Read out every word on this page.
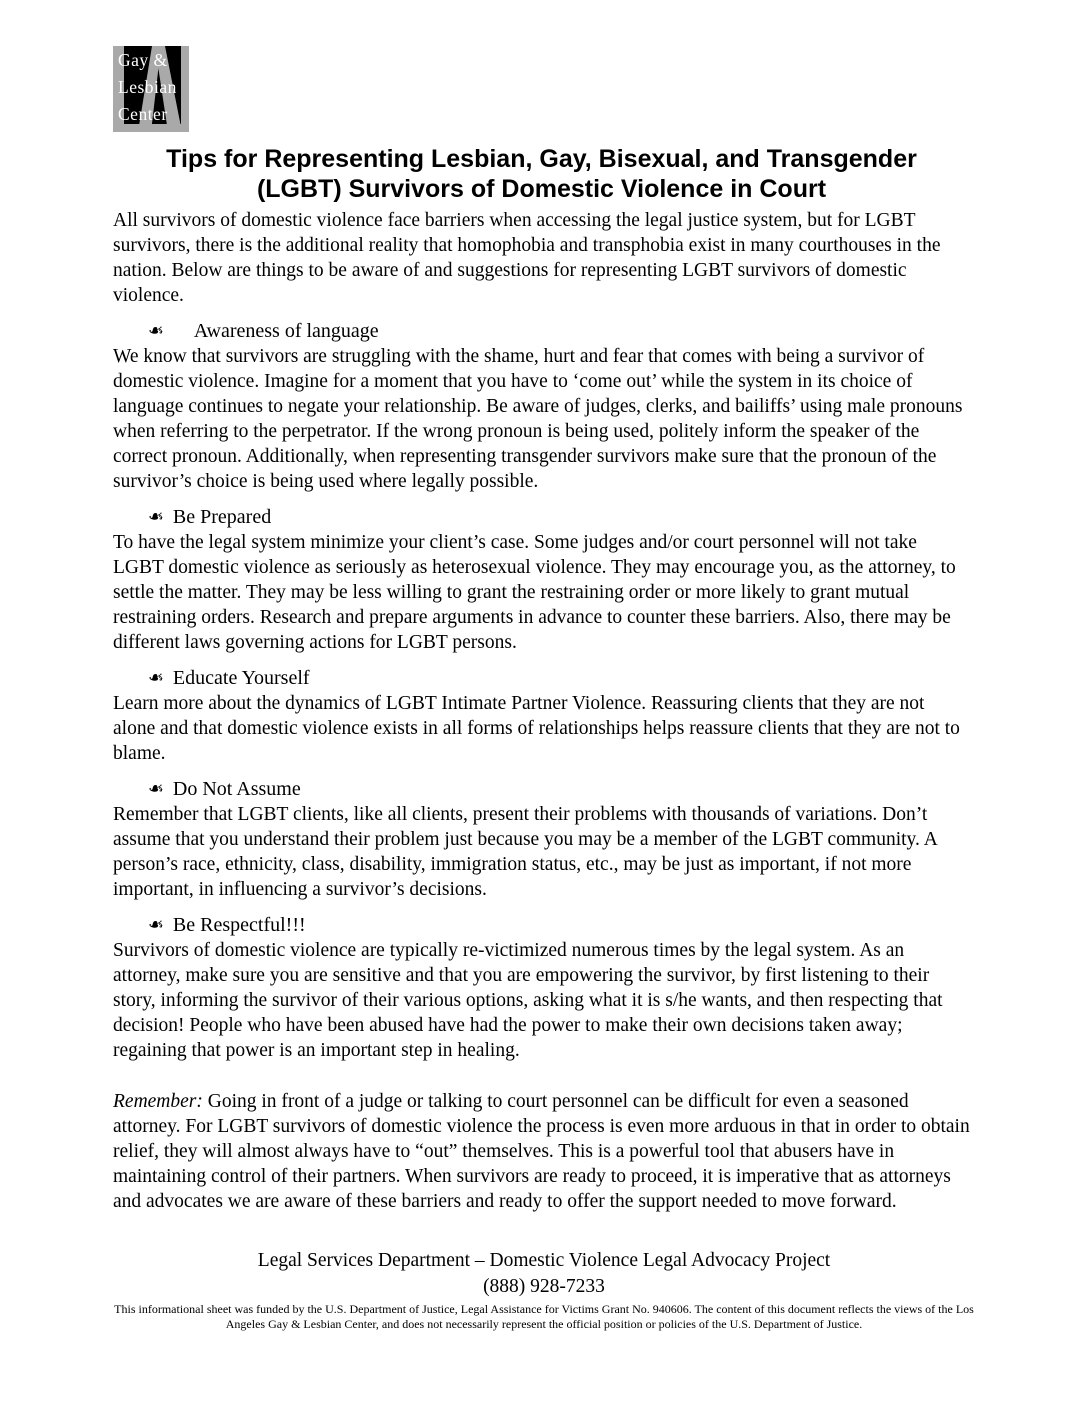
Gay &
Lesbian
Center
Tips for Representing Lesbian, Gay, Bisexual, and Transgender
(LGBT) Survivors of Domestic Violence in Court

All survivors of domestic violence face barriers when accessing the legal justice system, but for LGBT survivors, there is the additional reality that homophobia and transphobia exist in many courthouses in the nation. Below are things to be aware of and suggestions for representing LGBT survivors of domestic violence.

❧ Awareness of language

We know that survivors are struggling with the shame, hurt and fear that comes with being a survivor of domestic violence. Imagine for a moment that you have to ‘come out’ while the system in its choice of language continues to negate your relationship. Be aware of judges, clerks, and bailiffs’ using male pronouns when referring to the perpetrator. If the wrong pronoun is being used, politely inform the speaker of the correct pronoun. Additionally, when representing transgender survivors make sure that the pronoun of the survivor’s choice is being used where legally possible.

❧ Be Prepared

To have the legal system minimize your client’s case. Some judges and/or court personnel will not take LGBT domestic violence as seriously as heterosexual violence. They may encourage you, as the attorney, to settle the matter. They may be less willing to grant the restraining order or more likely to grant mutual restraining orders. Research and prepare arguments in advance to counter these barriers. Also, there may be different laws governing actions for LGBT persons.

❧ Educate Yourself

Learn more about the dynamics of LGBT Intimate Partner Violence. Reassuring clients that they are not alone and that domestic violence exists in all forms of relationships helps reassure clients that they are not to blame.

❧ Do Not Assume

Remember that LGBT clients, like all clients, present their problems with thousands of variations. Don’t assume that you understand their problem just because you may be a member of the LGBT community. A person’s race, ethnicity, class, disability, immigration status, etc., may be just as important, if not more important, in influencing a survivor’s decisions.

❧ Be Respectful!!!

Survivors of domestic violence are typically re-victimized numerous times by the legal system. As an attorney, make sure you are sensitive and that you are empowering the survivor, by first listening to their story, informing the survivor of their various options, asking what it is s/he wants, and then respecting that decision! People who have been abused have had the power to make their own decisions taken away; regaining that power is an important step in healing.

Remember: Going in front of a judge or talking to court personnel can be difficult for even a seasoned attorney. For LGBT survivors of domestic violence the process is even more arduous in that in order to obtain relief, they will almost always have to “out” themselves. This is a powerful tool that abusers have in maintaining control of their partners. When survivors are ready to proceed, it is imperative that as attorneys and advocates we are aware of these barriers and ready to offer the support needed to move forward.

Legal Services Department – Domestic Violence Legal Advocacy Project
(888) 928-7233
This informational sheet was funded by the U.S. Department of Justice, Legal Assistance for Victims Grant No. 940606. The content of this document reflects the views of the Los Angeles Gay & Lesbian Center, and does not necessarily represent the official position or policies of the U.S. Department of Justice.
